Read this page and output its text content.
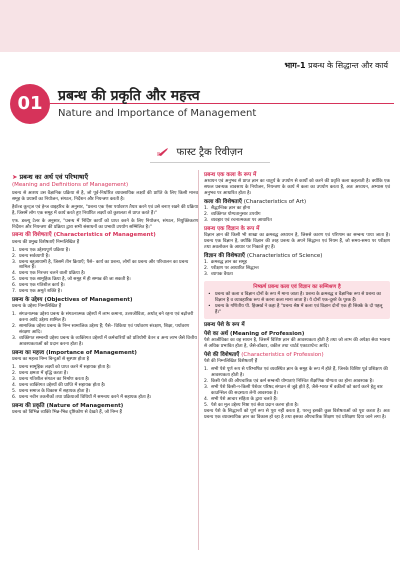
भाग-1 प्रबन्ध के सिद्धान्त और कार्य
01	प्रबन्ध की प्रकृति और महत्त्व
Nature and Importance of Management
फास्ट ट्रैक रिवीज़न
➤ प्रबन्ध का अर्थ एवं परिभाषाएँ
(Meaning and Definitions of Management)
प्रबन्ध से आशय उस वैज्ञानिक प्रक्रिया से है, जो पूर्व-निर्धारित व्यावसायिक लक्ष्यों की प्राप्ति के लिए किसी मानव समूह के प्रयासों का नियोजन, संगठन, निर्देशन और नियन्त्रण करती है।
हैरॉल्ड कून्ट्ज एवं हेन्ज वाइहरिच के अनुसार, "प्रबन्ध एक ऐसा पर्यावरण तैयार करने एवं उसे बनाए रखने की प्रक्रिया है, जिसमें लोग एक समूह में कार्य करते हुए निर्धारित लक्ष्यों को कुशलता से प्राप्त करते हैं।"
एफ. डब्ल्यू टेलर के अनुसार, "प्रबन्ध में निर्दिष्ट कार्यों को प्राप्त करने के लिए नियोजन, संगठन, नियुक्तिकरण निर्देशन और नियन्त्रण की प्रक्रिया द्वारा सभी संसाधनों का प्रभावी उपयोग सम्मिलित है।"
प्रबन्ध की विशेषताएँ (Characteristics of Management)
प्रबन्ध की प्रमुख विशेषताएँ निम्नलिखित हैं
1. प्रबन्ध एक उद्देश्यपूर्ण प्रक्रिया है।
2. प्रबन्ध सर्वव्यापी है।
3. प्रबन्ध बहुआयामी है, जिसमें तीन क्रियाएँ; पैसे– कार्य का प्रबन्ध, लोगों का प्रबन्ध और परिचालन का प्रबन्ध शामिल है।
4. प्रबन्ध एक निरन्तर चलने वाली प्रक्रिया है।
5. प्रबन्ध एक सामूहिक क्रिया है, जो समूह में ही सम्पन्न की जा सकती है।
6. प्रबन्ध एक गतिशील कार्य है।
7. प्रबन्ध एक अमूर्त शक्ति है।
प्रबन्ध के उद्देश्य (Objectives of Management)
प्रबन्ध के उद्देश्य निम्नलिखित हैं
1. संगठनात्मक उद्देश्य प्रबन्ध के संगठनात्मक उद्देश्यों में लाभ कमाना, उत्तरजीविता, अर्थात् बने रहना एवं बढ़ोत्तरी करना आदि उद्देश्य शामिल हैं।
2. सामाजिक उद्देश्य प्रबन्ध के निम्न सामाजिक उद्देश्य हैं; पैसे– विकिया एवं पर्यावरण संरक्षण, शिक्षा, पर्यावरण संरक्षण आदि।
3. व्यक्तिगत सम्बन्धी उद्देश्य प्रबन्ध के व्यक्तिगत उद्देश्यों में कर्मचारियों को प्रतियोगी वेतन व अन्य लाभ जैसे वित्तीय आवश्यकताओं को प्रदान करना होता है।
प्रबन्ध का महत्त्व (Importance of Management)
प्रबन्ध का महत्त्व निम्न बिन्दुओं से सुस्पष्ट होता है
1. प्रबन्ध सामूहिक लक्ष्यों को प्राप्त करने में सहायक होता है।
2. प्रबन्ध क्षमता में वृद्धि करता है।
3. प्रबन्ध गतिशील संगठन का निर्माण करता है।
4. प्रबन्ध व्यक्तिगत उद्देश्यों की प्राप्ति में सहायक होता है।
5. प्रबन्ध समाज के विकास में सहायक होता है।
6. प्रबन्ध नवीन तकनीकों तथा प्रक्रियाओं विधियों में समन्वय करने में सहायक होता है।
प्रबन्ध की प्रकृति (Nature of Management)
प्रबन्ध को विभिन्न व्यक्ति भिन्न-भिन्न दृष्टिकोण से देखते हैं, जो निम्न हैं
प्रबन्ध एक कला के रूप में
अध्ययन एवं अनुभव से प्राप्त ज्ञान का चातुर्य के उपयोग से कार्यों को करने की प्रवृत्ति कला कहलाती है। क्योंकि एक सफल प्रबन्धक व्यवसाय के नियोजन, नियन्त्रण के कार्य में कला का उपयोग करता है, अतः अध्ययन, अभ्यास एवं अनुभव पर आधारित होता है।
कला की विशेषताएँ (Characteristics of Art)
1. सैद्धान्तिक ज्ञान का होना
2. व्यक्तिगत योग्यतानुसार उपयोग
3. व्यवहार एवं रचनात्मकता पर आधारित
प्रबन्ध एक विज्ञान के रूप में
विज्ञान ज्ञान की किसी भी शाखा का क्रमबद्ध अध्ययन है, जिससे कारण एवं परिणाम का सम्बन्ध पाया जाता है। प्रबन्ध एक विज्ञान है, क्योंकि विज्ञान की तरह प्रबन्ध के अपने सिद्धान्त एवं नियम हैं, जो समय-समय पर परीक्षण तथा अवलोकन के आधार पर निकाले हुए हैं।
विज्ञान की विशेषताएँ (Characteristics of Science)
1. क्रमबद्ध ज्ञान का समूह
2. परीक्षण पर आधारित सिद्धान्त
3. व्यापक वैधता
निष्कर्ष प्रबन्ध कला एवं विज्ञान का सम्मिश्रण है
• प्रबन्ध को कला व विज्ञान दोनों के रूप में माना जाता है। प्रबन्ध के क्रमबद्ध व वैज्ञानिक रूप से प्रबन्ध का विज्ञान है व व्यावहारिक रूप से करना कला माना जाता है। ये दोनों एक-दूसरे के पूरक हैं।
• प्रबन्ध के गणितीय पी. हिक्सर्ड ने कहा है "प्रबन्ध श्रेष्ठ में कला एवं विज्ञान दोनों एक ही सिक्के के दो पहलू हैं।"
प्रबन्ध पेशे के रूप में
पेशे का अर्थ (Meaning of Profession)
पेशे आजीविका का वह साधन है, जिसमें विशिष्ट ज्ञान की आवश्यकता होती है तथा जो लाभ की अपेक्षा सेवा भावना से अधिक प्रभावित होता है, जैसे-डॉक्टर, वकील तथा चार्टर्ड एकाउण्टेन्ट आदि।
पेशे की विशेषताएँ (Characteristics of Profession)
पेशे की निम्नलिखित विशेषताएँ हैं
1. सभी पेशे पूर्ण रूप से परिभाषित एवं व्यवस्थित ज्ञान के समूह के रूप में होते हैं, जिनके विशिष्ट पूर्व प्रशिक्षण की आवश्यकता होती है।
2. किसी पेशे की औपचारिक एवं कर्म सम्बन्धी योग्यताएं निश्चित शैक्षणिक योग्यता का होना आवश्यक है।
3. सभी पेशे किसी-न-किसी पेशेवर परिषद संगठन से जुड़े होते हैं, जैसे-भारत में वकीलों को कार्य करने हेतु बार काउन्सिल की सदस्यता लेनी आवश्यक है।
4. सभी पेशे आचार संहिता के द्वारा चलते हैं।
5. पेशे का मूल उद्देश्य निष्ठा एवं सेवा प्रदान करना होता है।
प्रबन्ध पेशे के सिद्धान्तों को पूर्ण रूप से पूरा नहीं करता है, परन्तु इसकी कुछ विशेषताओं को पूरा करता है। अतः प्रबन्ध एक व्यावसायिक ज्ञान का विकास हो रहा है तथा इसका औपचारिक शिक्षण एवं प्रशिक्षण दिया जाने लगा है।
